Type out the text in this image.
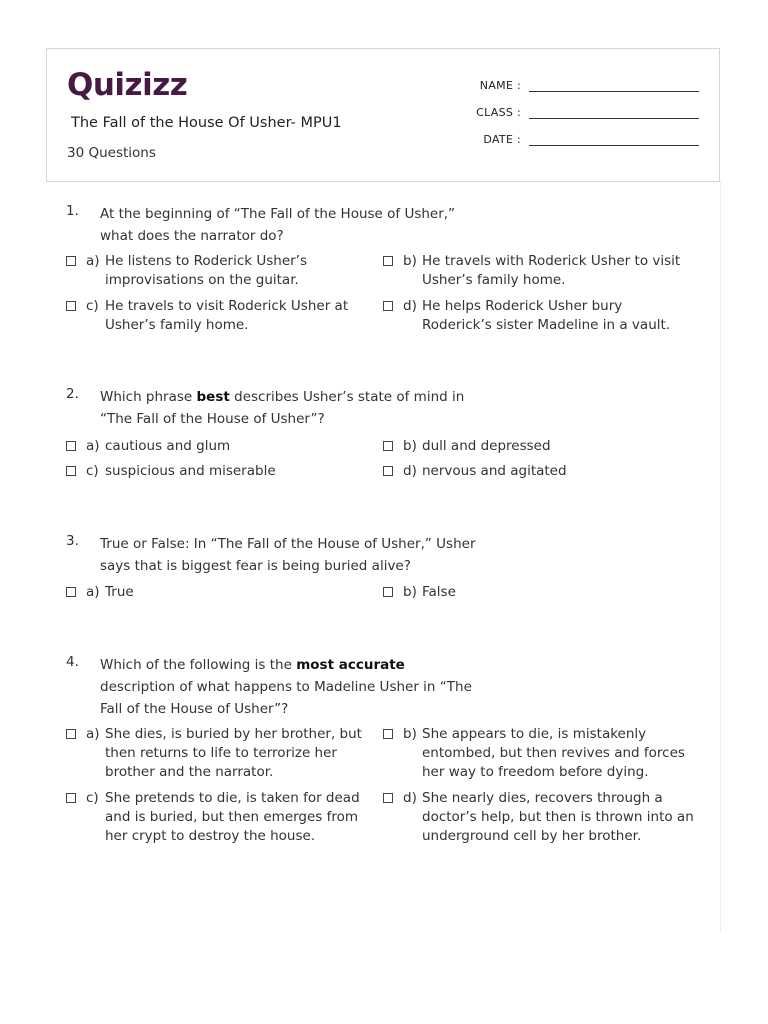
Quizizz
The Fall of the House Of Usher- MPU1
30 Questions
NAME :
CLASS :
DATE :
1. At the beginning of “The Fall of the House of Usher,” what does the narrator do?
a) He listens to Roderick Usher’s improvisations on the guitar.
b) He travels with Roderick Usher to visit Usher’s family home.
c) He travels to visit Roderick Usher at Usher’s family home.
d) He helps Roderick Usher bury Roderick’s sister Madeline in a vault.
2. Which phrase best describes Usher’s state of mind in “The Fall of the House of Usher”?
a) cautious and glum	b) dull and depressed
c) suspicious and miserable	d) nervous and agitated
3. True or False: In “The Fall of the House of Usher,” Usher says that is biggest fear is being buried alive?
a) True	b) False
4. Which of the following is the most accurate description of what happens to Madeline Usher in “The Fall of the House of Usher”?
a) She dies, is buried by her brother, but then returns to life to terrorize her brother and the narrator.
b) She appears to die, is mistakenly entombed, but then revives and forces her way to freedom before dying.
c) She pretends to die, is taken for dead and is buried, but then emerges from her crypt to destroy the house.
d) She nearly dies, recovers through a doctor’s help, but then is thrown into an underground cell by her brother.
